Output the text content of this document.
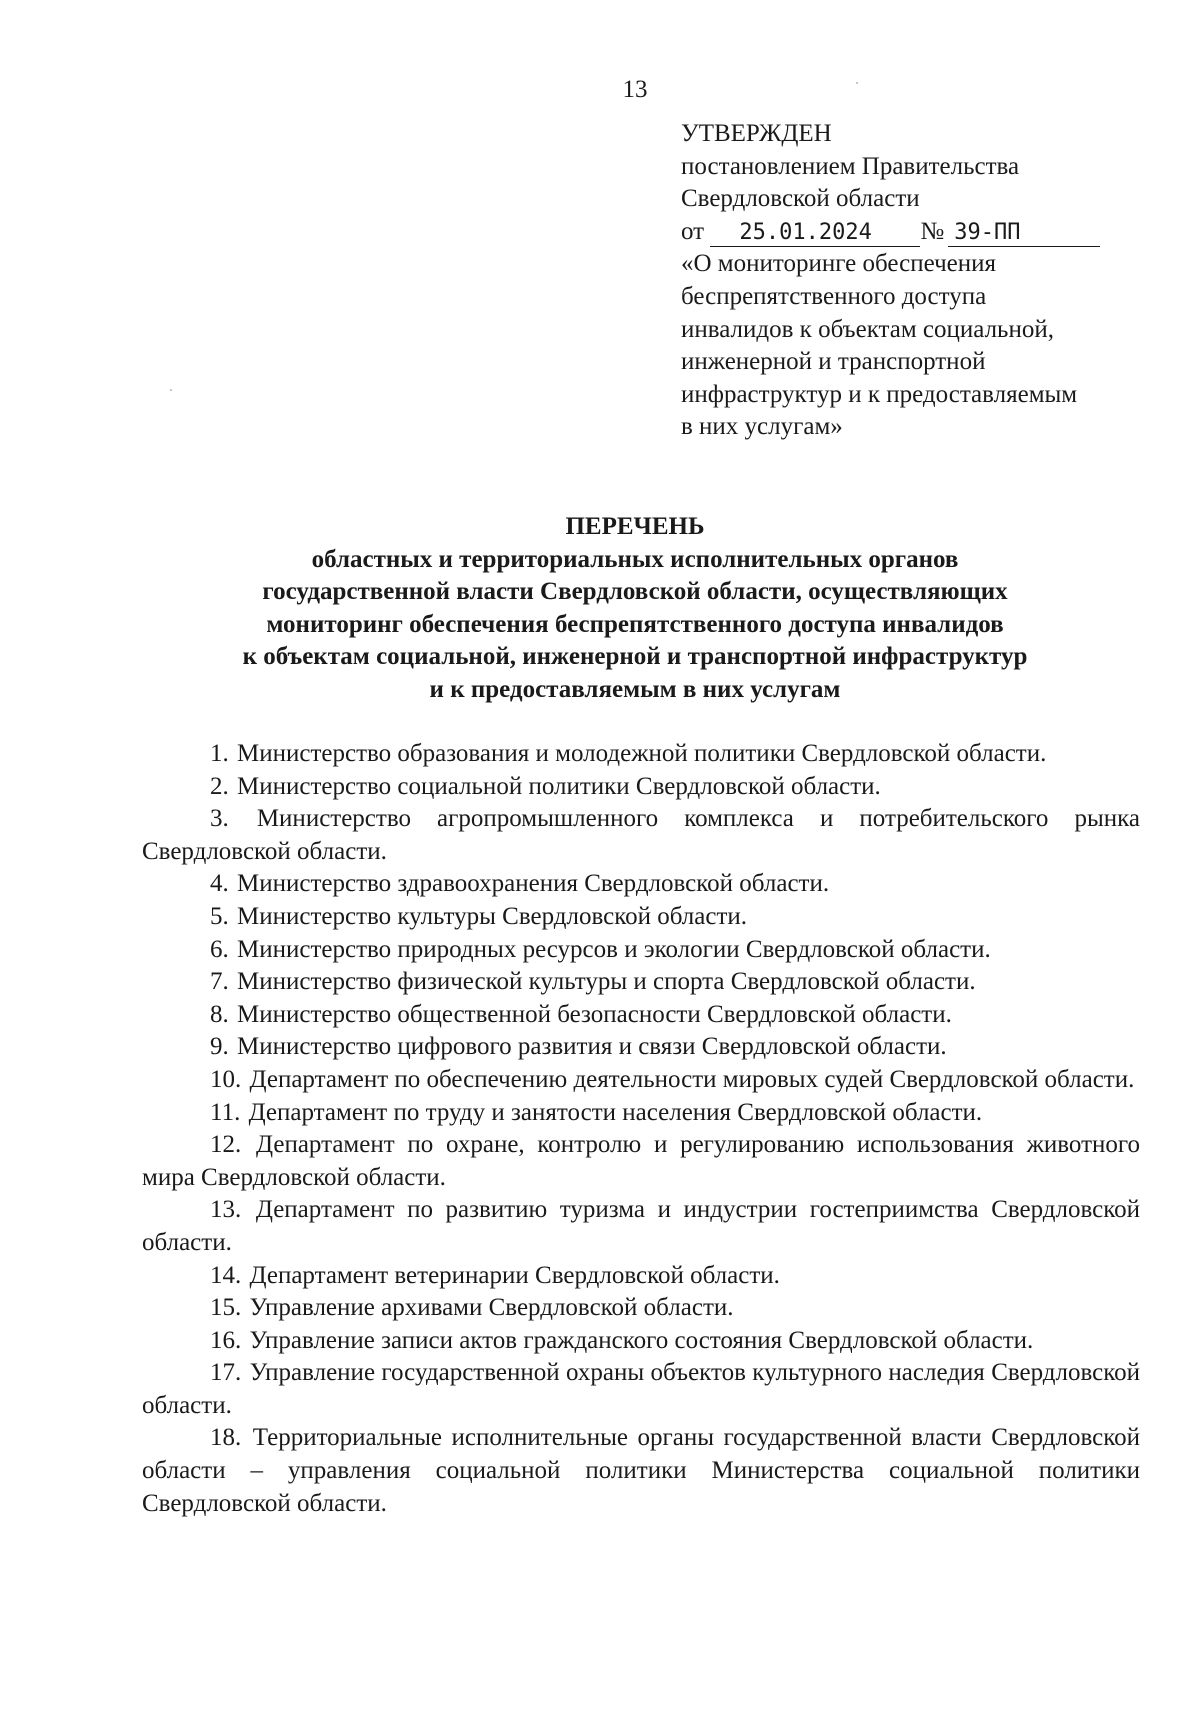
13
УТВЕРЖДЕН
постановлением Правительства
Свердловской области
от 25.01.2024 № 39-ПП
«О мониторинге обеспечения
беспрепятственного доступа
инвалидов к объектам социальной,
инженерной и транспортной
инфраструктур и к предоставляемым
в них услугам»
ПЕРЕЧЕНЬ
областных и территориальных исполнительных органов
государственной власти Свердловской области, осуществляющих
мониторинг обеспечения беспрепятственного доступа инвалидов
к объектам социальной, инженерной и транспортной инфраструктур
и к предоставляемым в них услугам

1. Министерство образования и молодежной политики Свердловской области.

2. Министерство социальной политики Свердловской области.

3. Министерство агропромышленного комплекса и потребительского рынка Свердловской области.

4. Министерство здравоохранения Свердловской области.

5. Министерство культуры Свердловской области.

6. Министерство природных ресурсов и экологии Свердловской области.

7. Министерство физической культуры и спорта Свердловской области.

8. Министерство общественной безопасности Свердловской области.

9. Министерство цифрового развития и связи Свердловской области.

10. Департамент по обеспечению деятельности мировых судей Свердловской области.

11. Департамент по труду и занятости населения Свердловской области.

12. Департамент по охране, контролю и регулированию использования животного мира Свердловской области.

13. Департамент по развитию туризма и индустрии гостеприимства Свердловской области.

14. Департамент ветеринарии Свердловской области.

15. Управление архивами Свердловской области.

16. Управление записи актов гражданского состояния Свердловской области.

17. Управление государственной охраны объектов культурного наследия Свердловской области.

18. Территориальные исполнительные органы государственной власти Свердловской области – управления социальной политики Министерства социальной политики Свердловской области.
